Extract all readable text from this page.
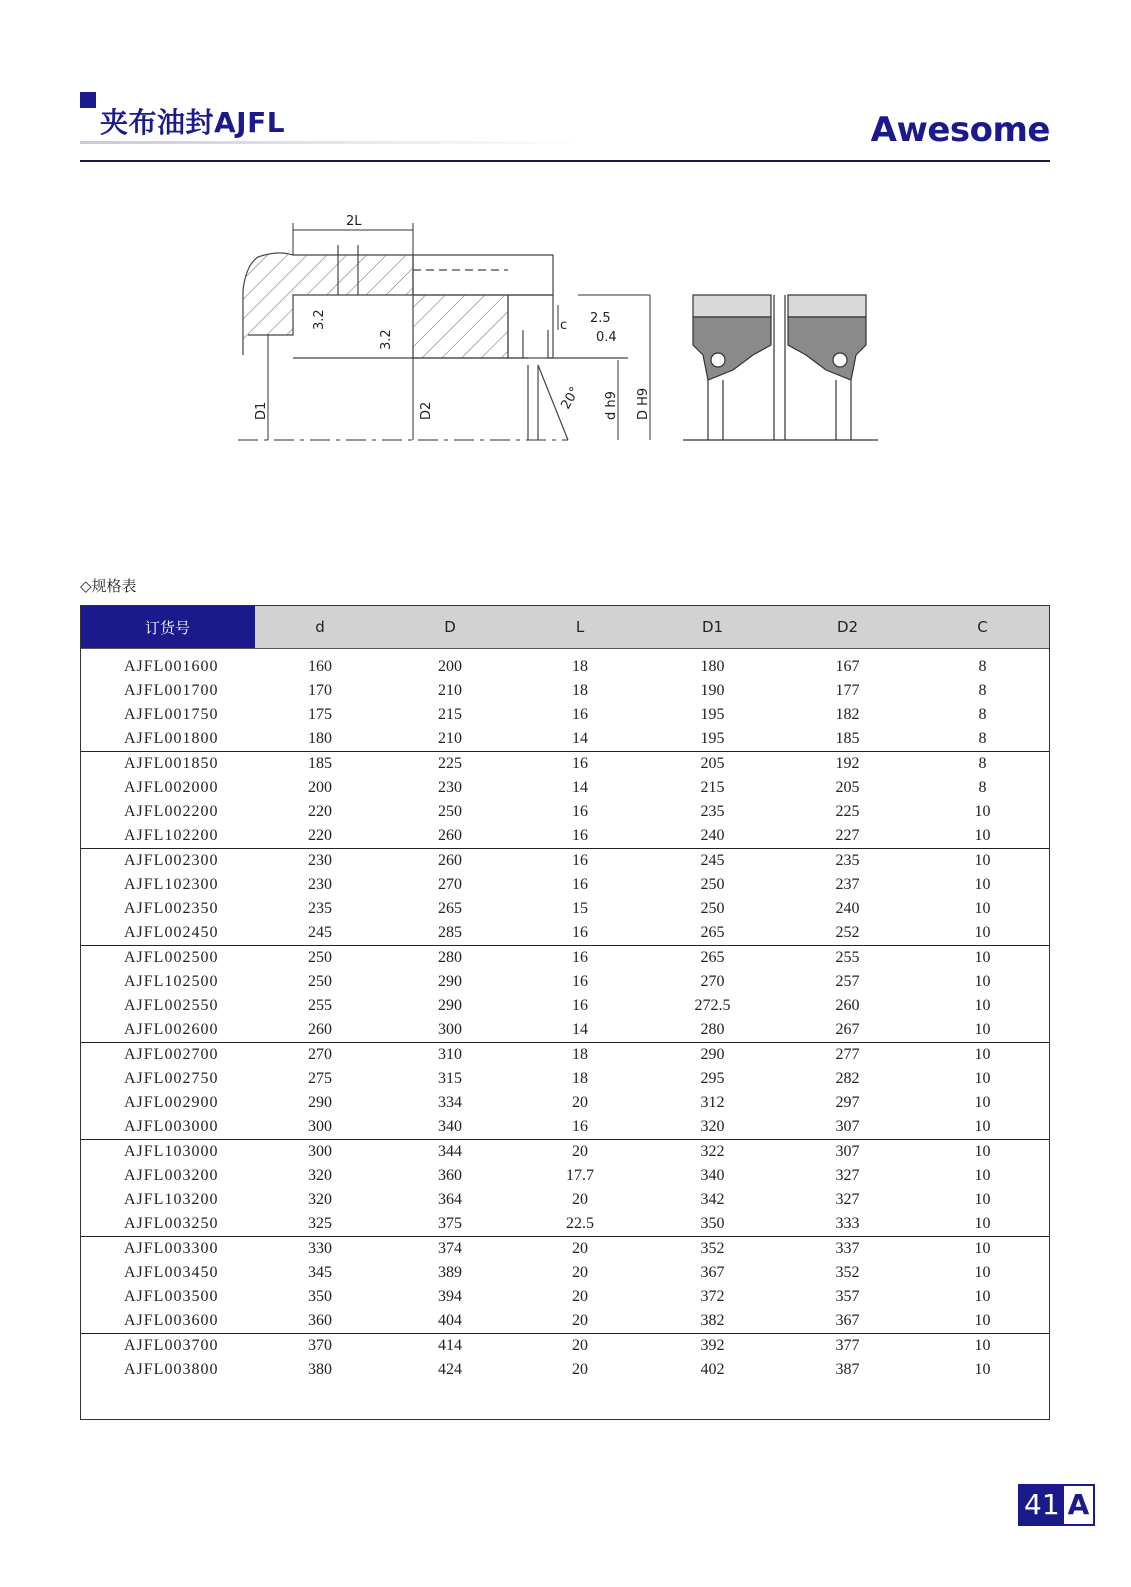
夹布油封AJFL	Awesome
2L
c 2.5
0.4
3.2
3.2
D1	D2	20° d h9 D H9
◇规格表
订货号	d	D	L	D1	D2	C
AJFL001600	160	200	18	180	167	8
AJFL001700	170	210	18	190	177	8
AJFL001750	175	215	16	195	182	8
AJFL001800	180	210	14	195	185	8
AJFL001850	185	225	16	205	192	8
AJFL002000	200	230	14	215	205	8
AJFL002200	220	250	16	235	225	10
AJFL102200	220	260	16	240	227	10
AJFL002300	230	260	16	245	235	10
AJFL102300	230	270	16	250	237	10
AJFL002350	235	265	15	250	240	10
AJFL002450	245	285	16	265	252	10
AJFL002500	250	280	16	265	255	10
AJFL102500	250	290	16	270	257	10
AJFL002550	255	290	16	272.5	260	10
AJFL002600	260	300	14	280	267	10
AJFL002700	270	310	18	290	277	10
AJFL002750	275	315	18	295	282	10
AJFL002900	290	334	20	312	297	10
AJFL003000	300	340	16	320	307	10
AJFL103000	300	344	20	322	307	10
AJFL003200	320	360	17.7	340	327	10
AJFL103200	320	364	20	342	327	10
AJFL003250	325	375	22.5	350	333	10
AJFL003300	330	374	20	352	337	10
AJFL003450	345	389	20	367	352	10
AJFL003500	350	394	20	372	357	10
AJFL003600	360	404	20	382	367	10
AJFL003700	370	414	20	392	377	10
AJFL003800	380	424	20	402	387	10
41 A
